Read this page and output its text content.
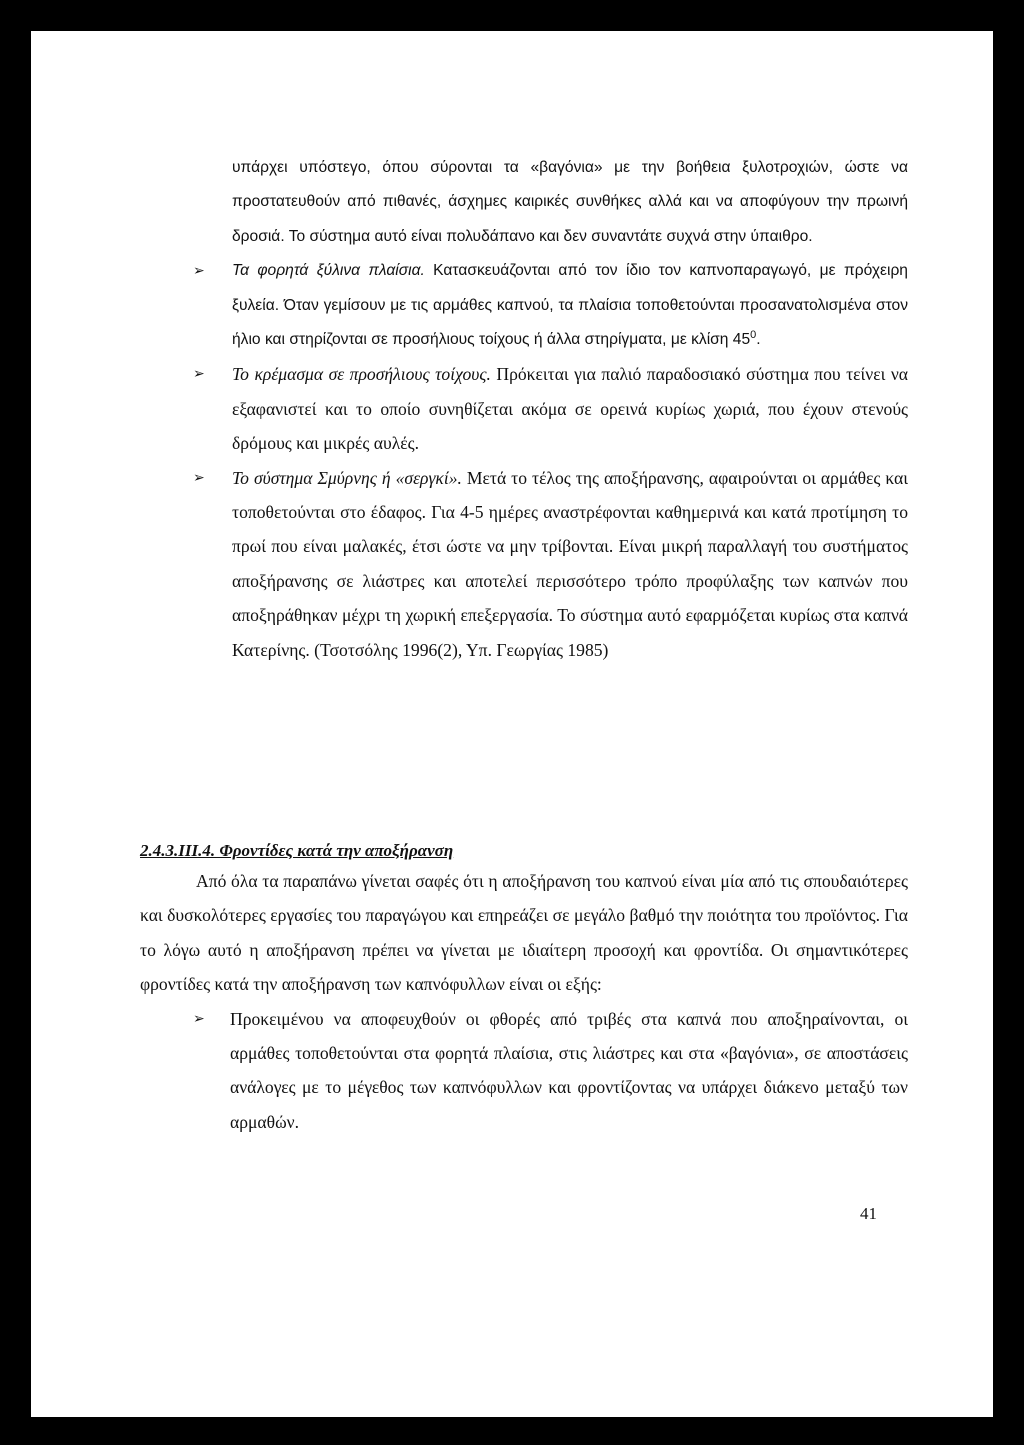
υπάρχει υπόστεγο, όπου σύρονται τα «βαγόνια» με την βοήθεια ξυλοτροχιών, ώστε να προστατευθούν από πιθανές, άσχημες καιρικές συνθήκες αλλά και να αποφύγουν την πρωινή δροσιά. Το σύστημα αυτό είναι πολυδάπανο και δεν συναντάτε συχνά στην ύπαιθρο.

➢ Τα φορητά ξύλινα πλαίσια. Κατασκευάζονται από τον ίδιο τον καπνοπαραγωγό, με πρόχειρη ξυλεία. Όταν γεμίσουν με τις αρμάθες καπνού, τα πλαίσια τοποθετούνται προσανατολισμένα στον ήλιο και στηρίζονται σε προσήλιους τοίχους ή άλλα στηρίγματα, με κλίση $45^0$.

➢ Το κρέμασμα σε προσήλιους τοίχους. Πρόκειται για παλιό παραδοσιακό σύστημα που τείνει να εξαφανιστεί και το οποίο συνηθίζεται ακόμα σε ορεινά κυρίως χωριά, που έχουν στενούς δρόμους και μικρές αυλές.

➢ Το σύστημα Σμύρνης ή «σεργκί». Μετά το τέλος της αποξήρανσης, αφαιρούνται οι αρμάθες και τοποθετούνται στο έδαφος. Για 4-5 ημέρες αναστρέφονται καθημερινά και κατά προτίμηση το πρωί που είναι μαλακές, έτσι ώστε να μην τρίβονται. Είναι μικρή παραλλαγή του συστήματος αποξήρανσης σε λιάστρες και αποτελεί περισσότερο τρόπο προφύλαξης των καπνών που αποξηράθηκαν μέχρι τη χωρική επεξεργασία. Το σύστημα αυτό εφαρμόζεται κυρίως στα καπνά Κατερίνης. (Τσοτσόλης 1996(2), Υπ. Γεωργίας 1985)

2.4.3.III.4. Φροντίδες κατά την αποξήρανση

Από όλα τα παραπάνω γίνεται σαφές ότι η αποξήρανση του καπνού είναι μία από τις σπουδαιότερες και δυσκολότερες εργασίες του παραγώγου και επηρεάζει σε μεγάλο βαθμό την ποιότητα του προϊόντος. Για το λόγω αυτό η αποξήρανση πρέπει να γίνεται με ιδιαίτερη προσοχή και φροντίδα. Οι σημαντικότερες φροντίδες κατά την αποξήρανση των καπνόφυλλων είναι οι εξής:

➢ Προκειμένου να αποφευχθούν οι φθορές από τριβές στα καπνά που αποξηραίνονται, οι αρμάθες τοποθετούνται στα φορητά πλαίσια, στις λιάστρες και στα «βαγόνια», σε αποστάσεις ανάλογες με το μέγεθος των καπνόφυλλων και φροντίζοντας να υπάρχει διάκενο μεταξύ των αρμαθών.

41
